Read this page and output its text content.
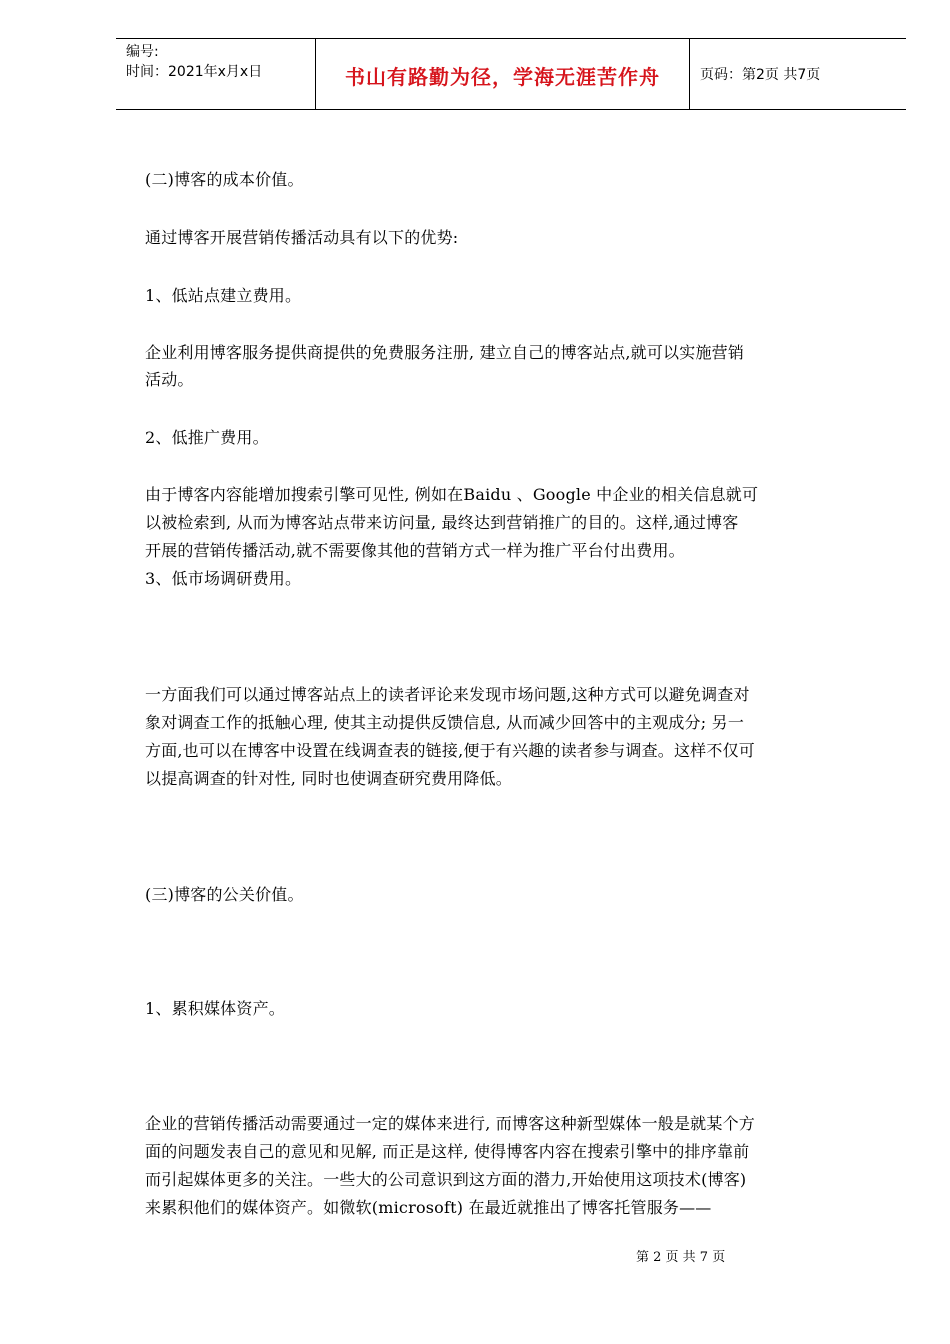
编号:
时间：2021年x月x日	书山有路勤为径，学海无涯苦作舟	页码：第2页 共7页
(二)博客的成本价值。
通过博客开展营销传播活动具有以下的优势:
1、低站点建立费用。
企业利用博客服务提供商提供的免费服务注册, 建立自己的博客站点,就可以实施营销
活动。
2、低推广费用。
由于博客内容能增加搜索引擎可见性, 例如在Baidu 、Google 中企业的相关信息就可
以被检索到, 从而为博客站点带来访问量, 最终达到营销推广的目的。这样,通过博客
开展的营销传播活动,就不需要像其他的营销方式一样为推广平台付出费用。
3、低市场调研费用。
一方面我们可以通过博客站点上的读者评论来发现市场问题,这种方式可以避免调查对
象对调查工作的抵触心理, 使其主动提供反馈信息, 从而减少回答中的主观成分; 另一
方面,也可以在博客中设置在线调查表的链接,便于有兴趣的读者参与调查。这样不仅可
以提高调查的针对性, 同时也使调查研究费用降低。
(三)博客的公关价值。
1、累积媒体资产。
企业的营销传播活动需要通过一定的媒体来进行, 而博客这种新型媒体一般是就某个方
面的问题发表自己的意见和见解, 而正是这样, 使得博客内容在搜索引擎中的排序靠前
而引起媒体更多的关注。一些大的公司意识到这方面的潜力,开始使用这项技术(博客)
来累积他们的媒体资产。如微软(microsoft) 在最近就推出了博客托管服务——
第 2 页 共 7 页
